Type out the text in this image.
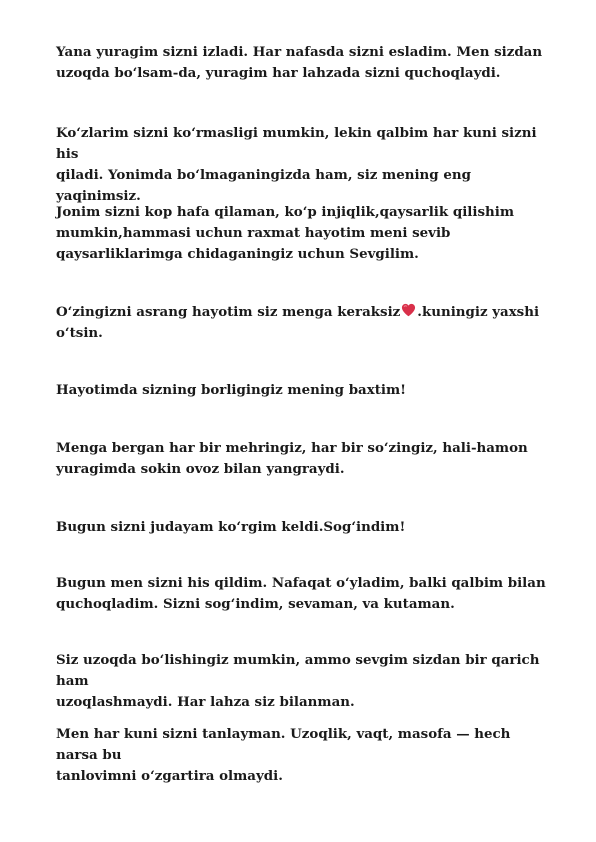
Yana yuragim sizni izladi. Har nafasda sizni esladim. Men sizdan
uzoqda bo‘lsam-da, yuragim har lahzada sizni quchoqlaydi.

Ko‘zlarim sizni ko‘rmasligi mumkin, lekin qalbim har kuni sizni his
qiladi. Yonimda bo‘lmaganingizda ham, siz mening eng yaqinimsiz.

Jonim sizni kop hafa qilaman, ko‘p injiqlik,qaysarlik qilishim
mumkin,hammasi uchun raxmat hayotim meni sevib
qaysarliklarimga chidaganingiz uchun Sevgilim.

O‘zingizni asrang hayotim siz menga keraksiz .kuningiz yaxshi
o‘tsin.

Hayotimda sizning borligingiz mening baxtim!

Menga bergan har bir mehringiz, har bir so‘zingiz, hali-hamon
yuragimda sokin ovoz bilan yangraydi.

Bugun sizni judayam ko‘rgim keldi.Sog‘indim!

Bugun men sizni his qildim. Nafaqat o‘yladim, balki qalbim bilan
quchoqladim. Sizni sog‘indim, sevaman, va kutaman.

Siz uzoqda bo‘lishingiz mumkin, ammo sevgim sizdan bir qarich ham
uzoqlashmaydi. Har lahza siz bilanman.

Men har kuni sizni tanlayman. Uzoqlik, vaqt, masofa — hech narsa bu
tanlovimni o‘zgartira olmaydi.
